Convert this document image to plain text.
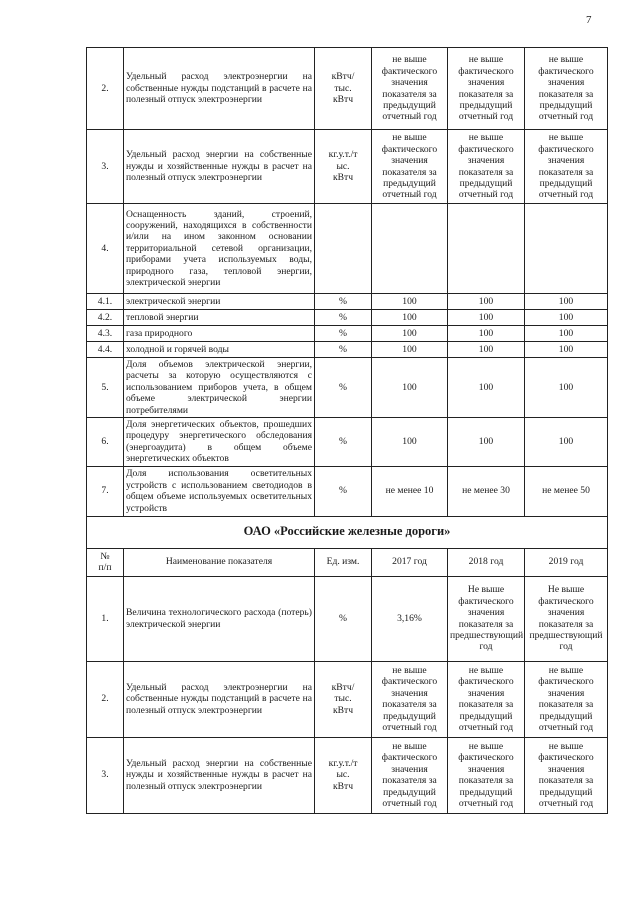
7
2.	Удельный расход электроэнергии на собственные нужды подстанций в расчете на полезный отпуск электроэнергии	кВтч/
тыс.
кВтч	не выше фактического значения показателя за предыдущий отчетный год	не выше фактического значения показателя за предыдущий отчетный год	не выше фактического значения показателя за предыдущий отчетный год
3.	Удельный расход энергии на собственные нужды и хозяйственные нужды в расчет на полезный отпуск электроэнергии	кг.у.т./т
ыс.
кВтч	не выше фактического значения показателя за предыдущий отчетный год	не выше фактического значения показателя за предыдущий отчетный год	не выше фактического значения показателя за предыдущий отчетный год
4.	Оснащенность зданий, строений, сооружений, находящихся в собственности и/или на ином законном основании территориальной сетевой организации, приборами учета используемых воды, природного газа, тепловой энергии, электрической энергии				
4.1.	электрической энергии	%	100	100	100
4.2.	тепловой энергии	%	100	100	100
4.3.	газа природного	%	100	100	100
4.4.	холодной и горячей воды	%	100	100	100
5.	Доля объемов электрической энергии, расчеты за которую осуществляются с использованием приборов учета, в общем объеме электрической энергии потребителями	%	100	100	100
6.	Доля энергетических объектов, прошедших процедуру энергетического обследования (энергоаудита) в общем объеме энергетических объектов	%	100	100	100
7.	Доля использования осветительных устройств с использованием светодиодов в общем объеме используемых осветительных устройств	%	не менее 10	не менее 30	не менее 50
ОАО «Российские железные дороги»					
№
п/п	Наименование показателя	Ед. изм.	2017 год	2018 год	2019 год
1.	Величина технологического расхода (потерь) электрической энергии	%	3,16%	Не выше фактического значения показателя за предшествующий год	Не выше фактического значения показателя за предшествующий год
2.	Удельный расход электроэнергии на собственные нужды подстанций в расчете на полезный отпуск электроэнергии	кВтч/
тыс.
кВтч	не выше фактического значения показателя за предыдущий отчетный год	не выше фактического значения показателя за предыдущий отчетный год	не выше фактического значения показателя за предыдущий отчетный год
3.	Удельный расход энергии на собственные нужды и хозяйственные нужды в расчет на полезный отпуск электроэнергии	кг.у.т./т
ыс.
кВтч	не выше фактического значения показателя за предыдущий отчетный год	не выше фактического значения показателя за предыдущий отчетный год	не выше фактического значения показателя за предыдущий отчетный год
